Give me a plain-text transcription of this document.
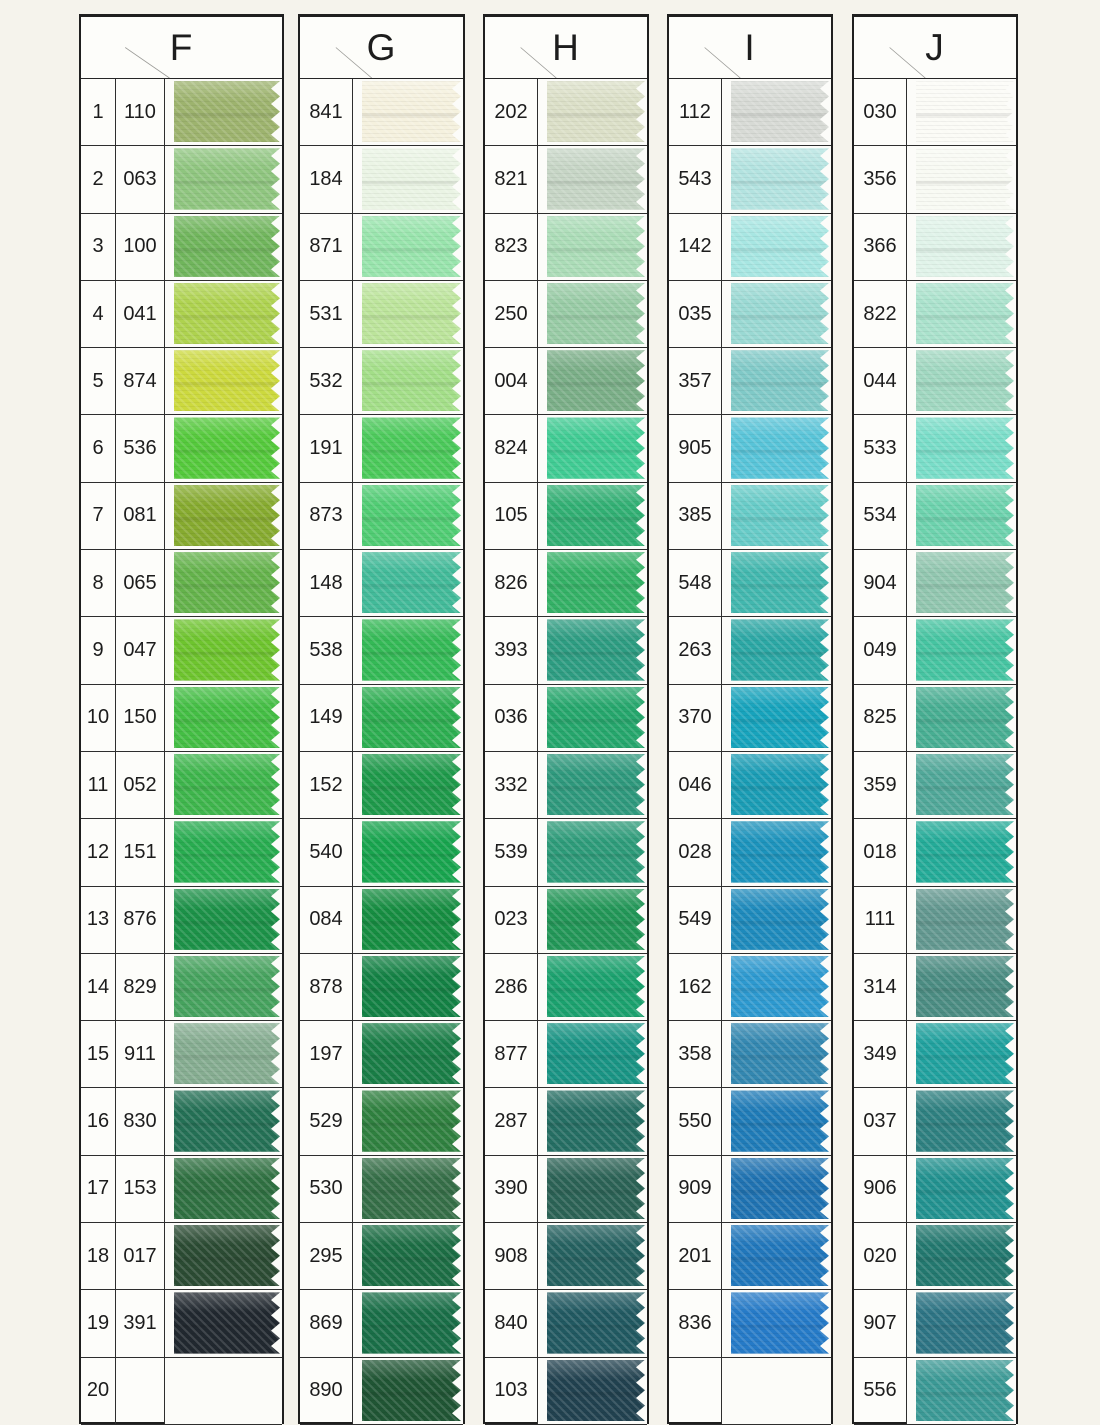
F
1	110
2 063
3 100
4 041
5 874
6 536
7 081
8 065
9 047
10 150
11 052
12 151
13 876
14 829
15 911
16 830
17 153
18 017
19 391
20
G
841
184
871
531
532
191
873
148
538
149
152
540
084
878
197
529
530
295
869
890
H
202
821
823
250
004
824
105
826
393
036
332
539
023
286
877
287
390
908
840
103
I
112
543
142
035
357
905
385
548
263
370
046
028
549
162
358
550
909
201
836
J
030
356
366
822
044
533
534
904
049
825
359
018
111
314
349
037
906
020
907
556
